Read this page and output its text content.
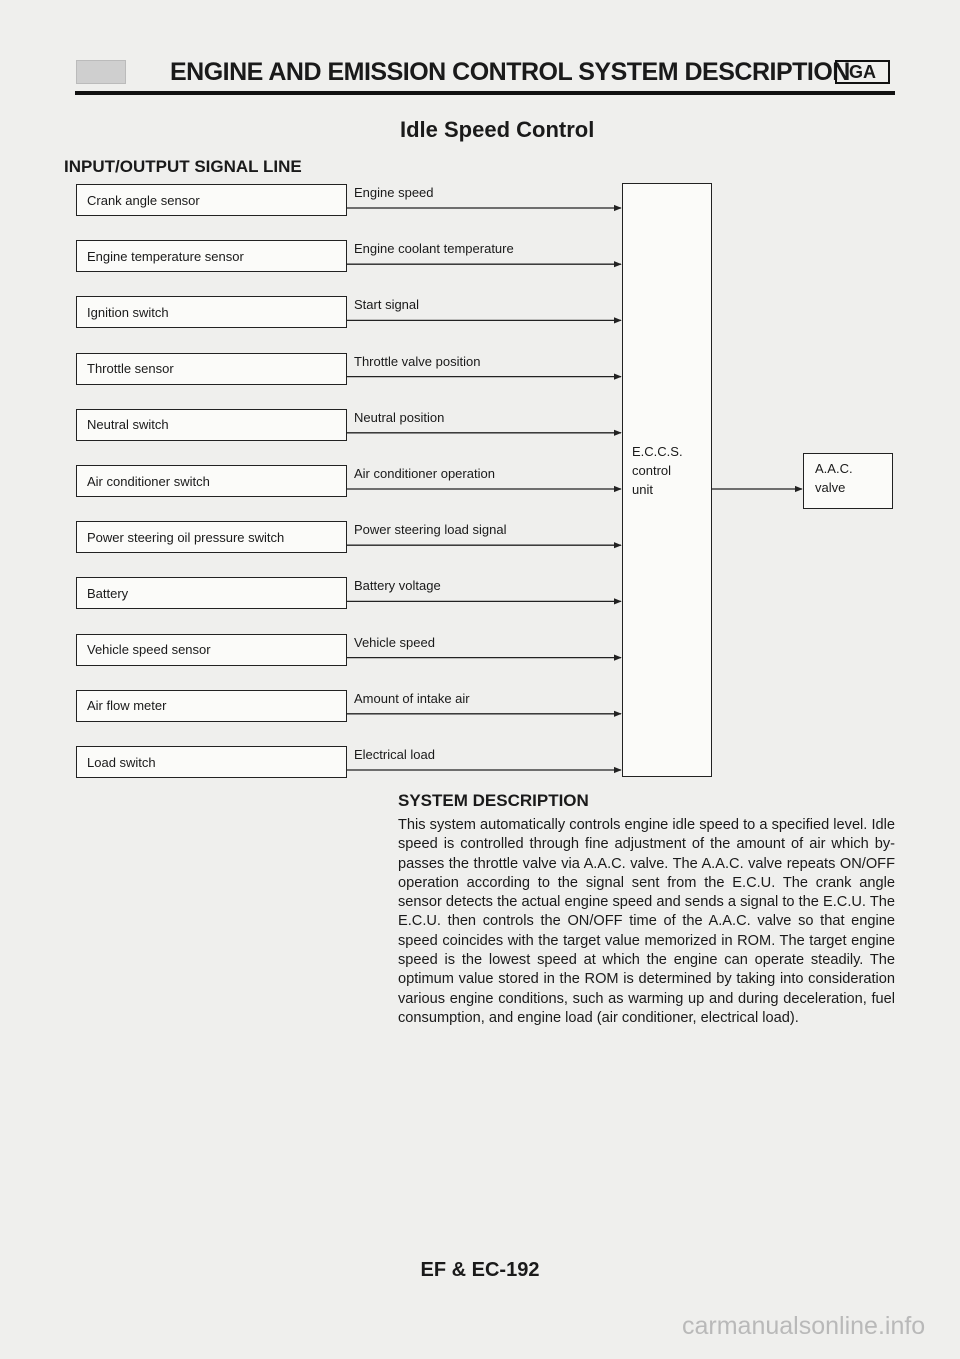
ENGINE AND EMISSION CONTROL SYSTEM DESCRIPTION GA
Idle Speed Control
INPUT/OUTPUT SIGNAL LINE
Crank angle sensor	Engine speed
Engine temperature sensor	Engine coolant temperature
Ignition switch	Start signal
Throttle sensor	Throttle valve position
Neutral switch	Neutral position
Air conditioner switch	Air conditioner operation
Power steering oil pressure switch	Power steering load signal
Battery	Battery voltage
Vehicle speed sensor	Vehicle speed
Air flow meter	Amount of intake air
Load switch	Electrical load
E.C.C.S.
control
unit
A.A.C.
valve
SYSTEM DESCRIPTION
This system automatically controls engine idle speed to a specified level. Idle speed is controlled through fine adjustment of the amount of air which by-passes the throttle valve via A.A.C. valve. The A.A.C. valve repeats ON/OFF operation according to the signal sent from the E.C.U. The crank angle sensor detects the actual engine speed and sends a signal to the E.C.U. The E.C.U. then controls the ON/OFF time of the A.A.C. valve so that engine speed coincides with the target value memorized in ROM. The target engine speed is the lowest speed at which the engine can operate steadily. The optimum value stored in the ROM is determined by taking into consideration various engine conditions, such as warming up and during deceleration, fuel consumption, and engine load (air conditioner, electrical load).
EF & EC-192
carmanualsonline.info
